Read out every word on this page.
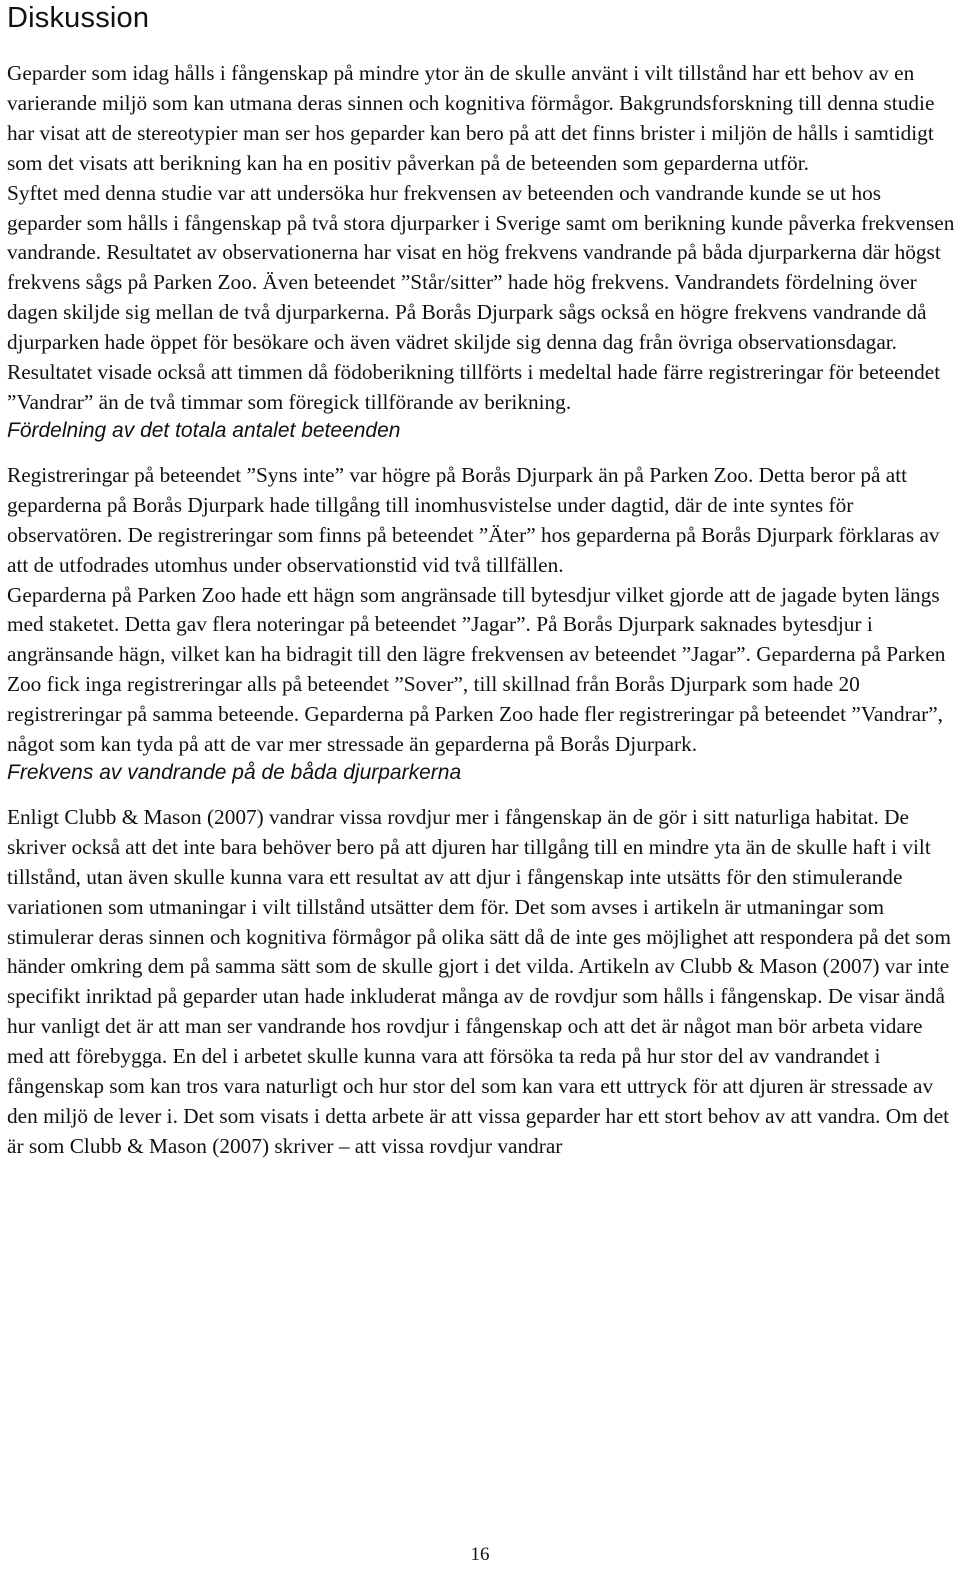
Diskussion

Geparder som idag hålls i fångenskap på mindre ytor än de skulle använt i vilt tillstånd har ett behov av en varierande miljö som kan utmana deras sinnen och kognitiva förmågor. Bakgrundsforskning till denna studie har visat att de stereotypier man ser hos geparder kan bero på att det finns brister i miljön de hålls i samtidigt som det visats att berikning kan ha en positiv påverkan på de beteenden som geparderna utför.

Syftet med denna studie var att undersöka hur frekvensen av beteenden och vandrande kunde se ut hos geparder som hålls i fångenskap på två stora djurparker i Sverige samt om berikning kunde påverka frekvensen vandrande. Resultatet av observationerna har visat en hög frekvens vandrande på båda djurparkerna där högst frekvens sågs på Parken Zoo. Även beteendet ”Står/sitter” hade hög frekvens. Vandrandets fördelning över dagen skiljde sig mellan de två djurparkerna. På Borås Djurpark sågs också en högre frekvens vandrande då djurparken hade öppet för besökare och även vädret skiljde sig denna dag från övriga observationsdagar. Resultatet visade också att timmen då födoberikning tillförts i medeltal hade färre registreringar för beteendet ”Vandrar” än de två timmar som föregick tillförande av berikning.

Fördelning av det totala antalet beteenden

Registreringar på beteendet ”Syns inte” var högre på Borås Djurpark än på Parken Zoo. Detta beror på att geparderna på Borås Djurpark hade tillgång till inomhusvistelse under dagtid, där de inte syntes för observatören. De registreringar som finns på beteendet ”Äter” hos geparderna på Borås Djurpark förklaras av att de utfodrades utomhus under observationstid vid två tillfällen.

Geparderna på Parken Zoo hade ett hägn som angränsade till bytesdjur vilket gjorde att de jagade byten längs med staketet. Detta gav flera noteringar på beteendet ”Jagar”. På Borås Djurpark saknades bytesdjur i angränsande hägn, vilket kan ha bidragit till den lägre frekvensen av beteendet ”Jagar”. Geparderna på Parken Zoo fick inga registreringar alls på beteendet ”Sover”, till skillnad från Borås Djurpark som hade 20 registreringar på samma beteende. Geparderna på Parken Zoo hade fler registreringar på beteendet ”Vandrar”, något som kan tyda på att de var mer stressade än geparderna på Borås Djurpark.

Frekvens av vandrande på de båda djurparkerna

Enligt Clubb & Mason (2007) vandrar vissa rovdjur mer i fångenskap än de gör i sitt naturliga habitat. De skriver också att det inte bara behöver bero på att djuren har tillgång till en mindre yta än de skulle haft i vilt tillstånd, utan även skulle kunna vara ett resultat av att djur i fångenskap inte utsätts för den stimulerande variationen som utmaningar i vilt tillstånd utsätter dem för. Det som avses i artikeln är utmaningar som stimulerar deras sinnen och kognitiva förmågor på olika sätt då de inte ges möjlighet att respondera på det som händer omkring dem på samma sätt som de skulle gjort i det vilda. Artikeln av Clubb & Mason (2007) var inte specifikt inriktad på geparder utan hade inkluderat många av de rovdjur som hålls i fångenskap. De visar ändå hur vanligt det är att man ser vandrande hos rovdjur i fångenskap och att det är något man bör arbeta vidare med att förebygga. En del i arbetet skulle kunna vara att försöka ta reda på hur stor del av vandrandet i fångenskap som kan tros vara naturligt och hur stor del som kan vara ett uttryck för att djuren är stressade av den miljö de lever i. Det som visats i detta arbete är att vissa geparder har ett stort behov av att vandra. Om det är som Clubb & Mason (2007) skriver – att vissa rovdjur vandrar

16
